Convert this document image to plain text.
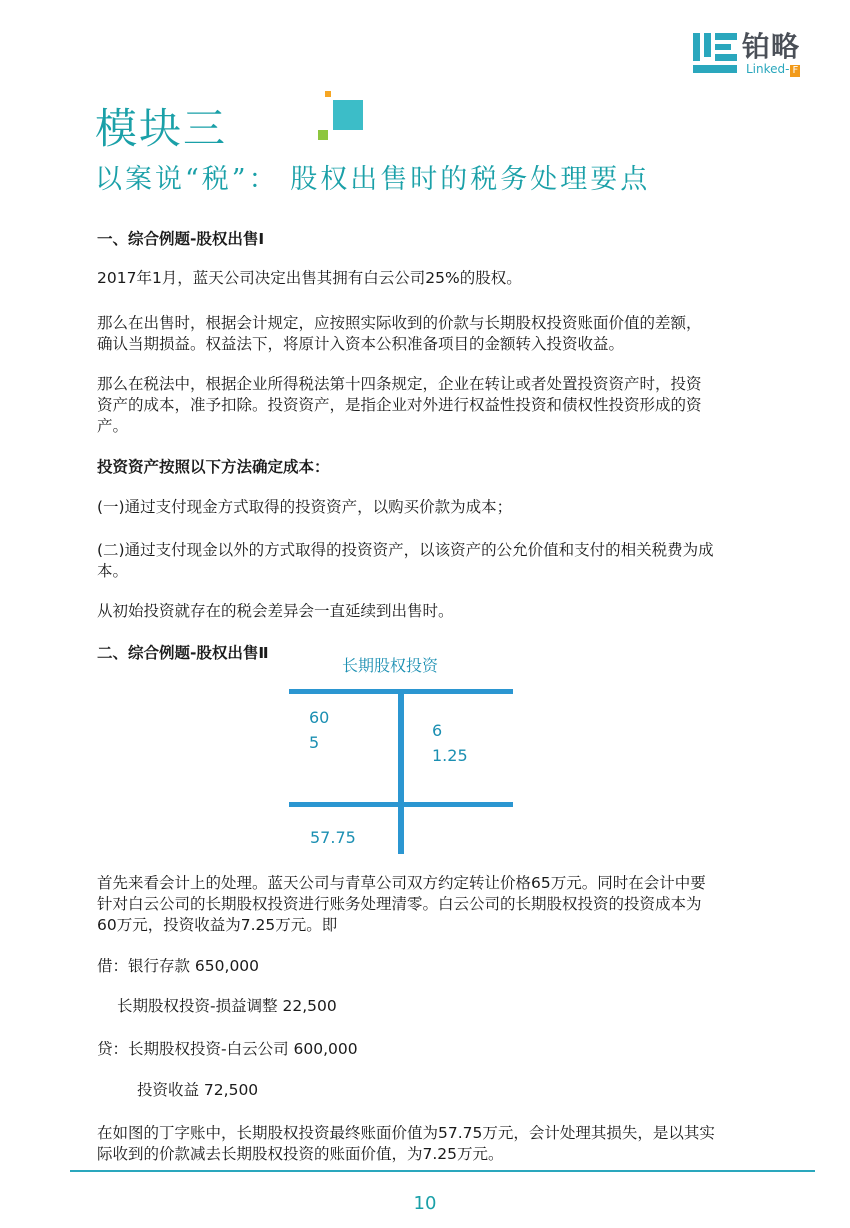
铂略
Linked- F
模块三
以案说“税”： 股权出售时的税务处理要点
一、综合例题-股权出售Ⅰ
2017年1月，蓝天公司决定出售其拥有白云公司25%的股权。
那么在出售时，根据会计规定，应按照实际收到的价款与长期股权投资账面价值的差额，
确认当期损益。权益法下，将原计入资本公积准备项目的金额转入投资收益。
那么在税法中，根据企业所得税法第十四条规定，企业在转让或者处置投资资产时，投资
资产的成本，准予扣除。投资资产，是指企业对外进行权益性投资和债权性投资形成的资
产。
投资资产按照以下方法确定成本：
(一)通过支付现金方式取得的投资资产，以购买价款为成本；
(二)通过支付现金以外的方式取得的投资资产，以该资产的公允价值和支付的相关税费为成
本。
从初始投资就存在的税会差异会一直延续到出售时。
二、综合例题-股权出售Ⅱ
长期股权投资
60
5
6
1.25
57.75
首先来看会计上的处理。蓝天公司与青草公司双方约定转让价格65万元。同时在会计中要
针对白云公司的长期股权投资进行账务处理清零。白云公司的长期股权投资的投资成本为
60万元，投资收益为7.25万元。即
借：银行存款 650,000
长期股权投资-损益调整 22,500
贷：长期股权投资-白云公司 600,000
投资收益 72,500
在如图的丁字账中，长期股权投资最终账面价值为57.75万元，会计处理其损失，是以其实
际收到的价款减去长期股权投资的账面价值，为7.25万元。
10
